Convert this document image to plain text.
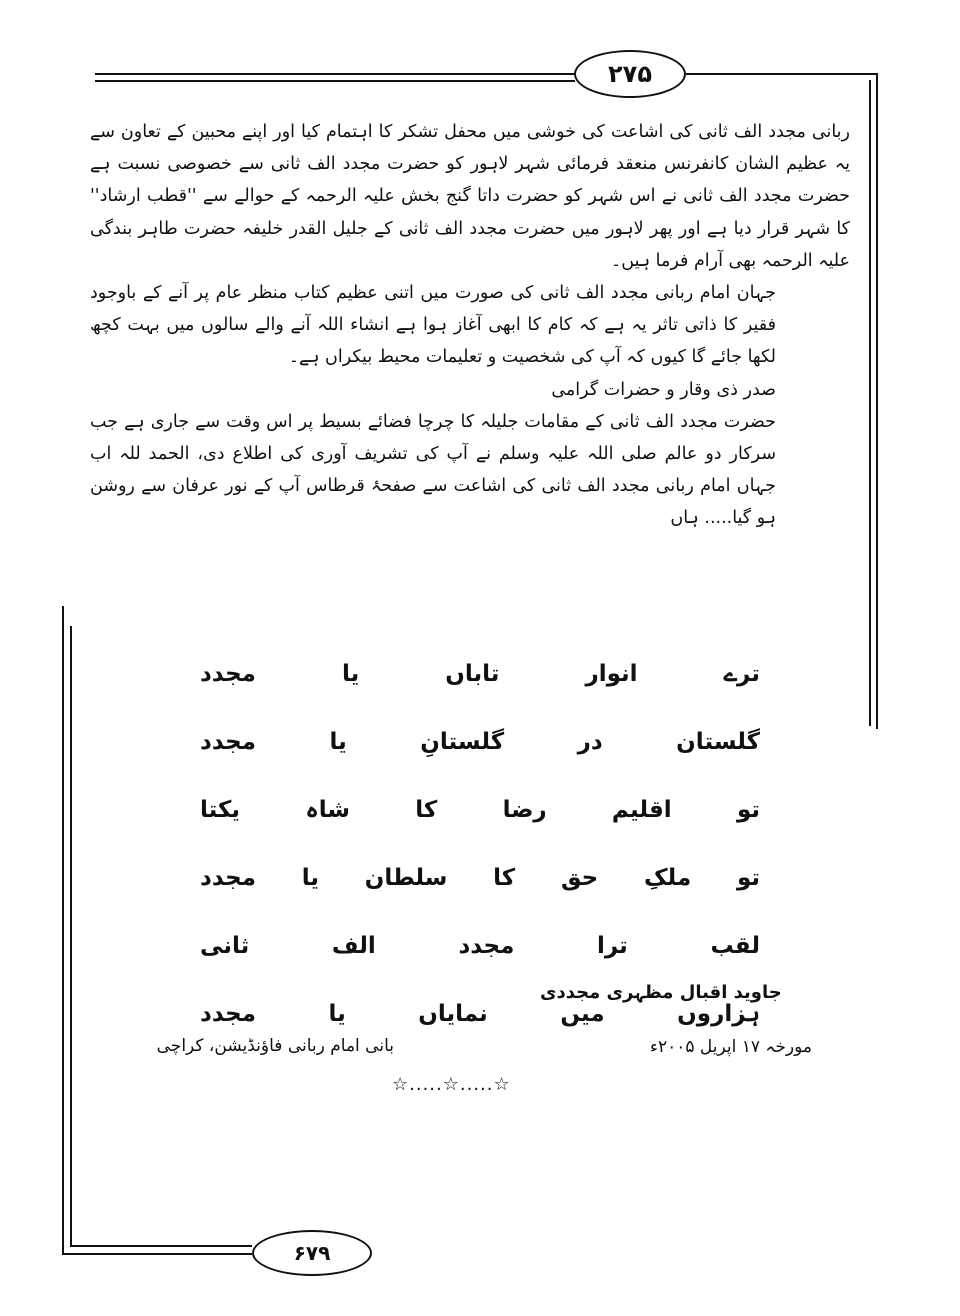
۲۷۵

ربانی مجدد الف ثانی کی اشاعت کی خوشی میں محفل تشکر کا اہتمام کیا اور اپنے محبین کے تعاون سے یہ عظیم الشان کانفرنس منعقد فرمائی شہر لاہور کو حضرت مجدد الف ثانی سے خصوصی نسبت ہے حضرت مجدد الف ثانی نے اس شہر کو حضرت داتا گنج بخش علیہ الرحمہ کے حوالے سے ''قطب ارشاد'' کا شہر قرار دیا ہے اور پھر لاہور میں حضرت مجدد الف ثانی کے جلیل القدر خلیفہ حضرت طاہر بندگی علیہ الرحمہ بھی آرام فرما ہیں۔

جہان امام ربانی مجدد الف ثانی کی صورت میں اتنی عظیم کتاب منظر عام پر آنے کے باوجود فقیر کا ذاتی تاثر یہ ہے کہ کام کا ابھی آغاز ہوا ہے انشاء اللہ آنے والے سالوں میں بہت کچھ لکھا جائے گا کیوں کہ آپ کی شخصیت و تعلیمات محیط بیکراں ہے۔

صدر ذی وقار و حضرات گرامی

حضرت مجدد الف ثانی کے مقامات جلیلہ کا چرچا فضائے بسیط پر اس وقت سے جاری ہے جب سرکار دو عالم صلی اللہ علیہ وسلم نے آپ کی تشریف آوری کی اطلاع دی، الحمد للہ اب جہاں امام ربانی مجدد الف ثانی کی اشاعت سے صفحۂ قرطاس آپ کے نور عرفان سے روشن ہو گیا..... ہاں

ترے
انوار
تاباں
یا
مجدد
گلستان
در
گلستانِ
یا
مجدد
تو
اقلیم
رضا
کا
شاہ
یکتا
تو
ملکِ
حق
کا
سلطان
یا
مجدد
لقب
ترا
مجدد
الف
ثانی
ہزاروں
میں
نمایاں
یا
مجدد
جاوید اقبال مظہری مجددی
مورخہ ۱۷ اپریل ۲۰۰۵ء
بانی امام ربانی فاؤنڈیشن، کراچی
☆.....☆.....☆
۶۷۹
